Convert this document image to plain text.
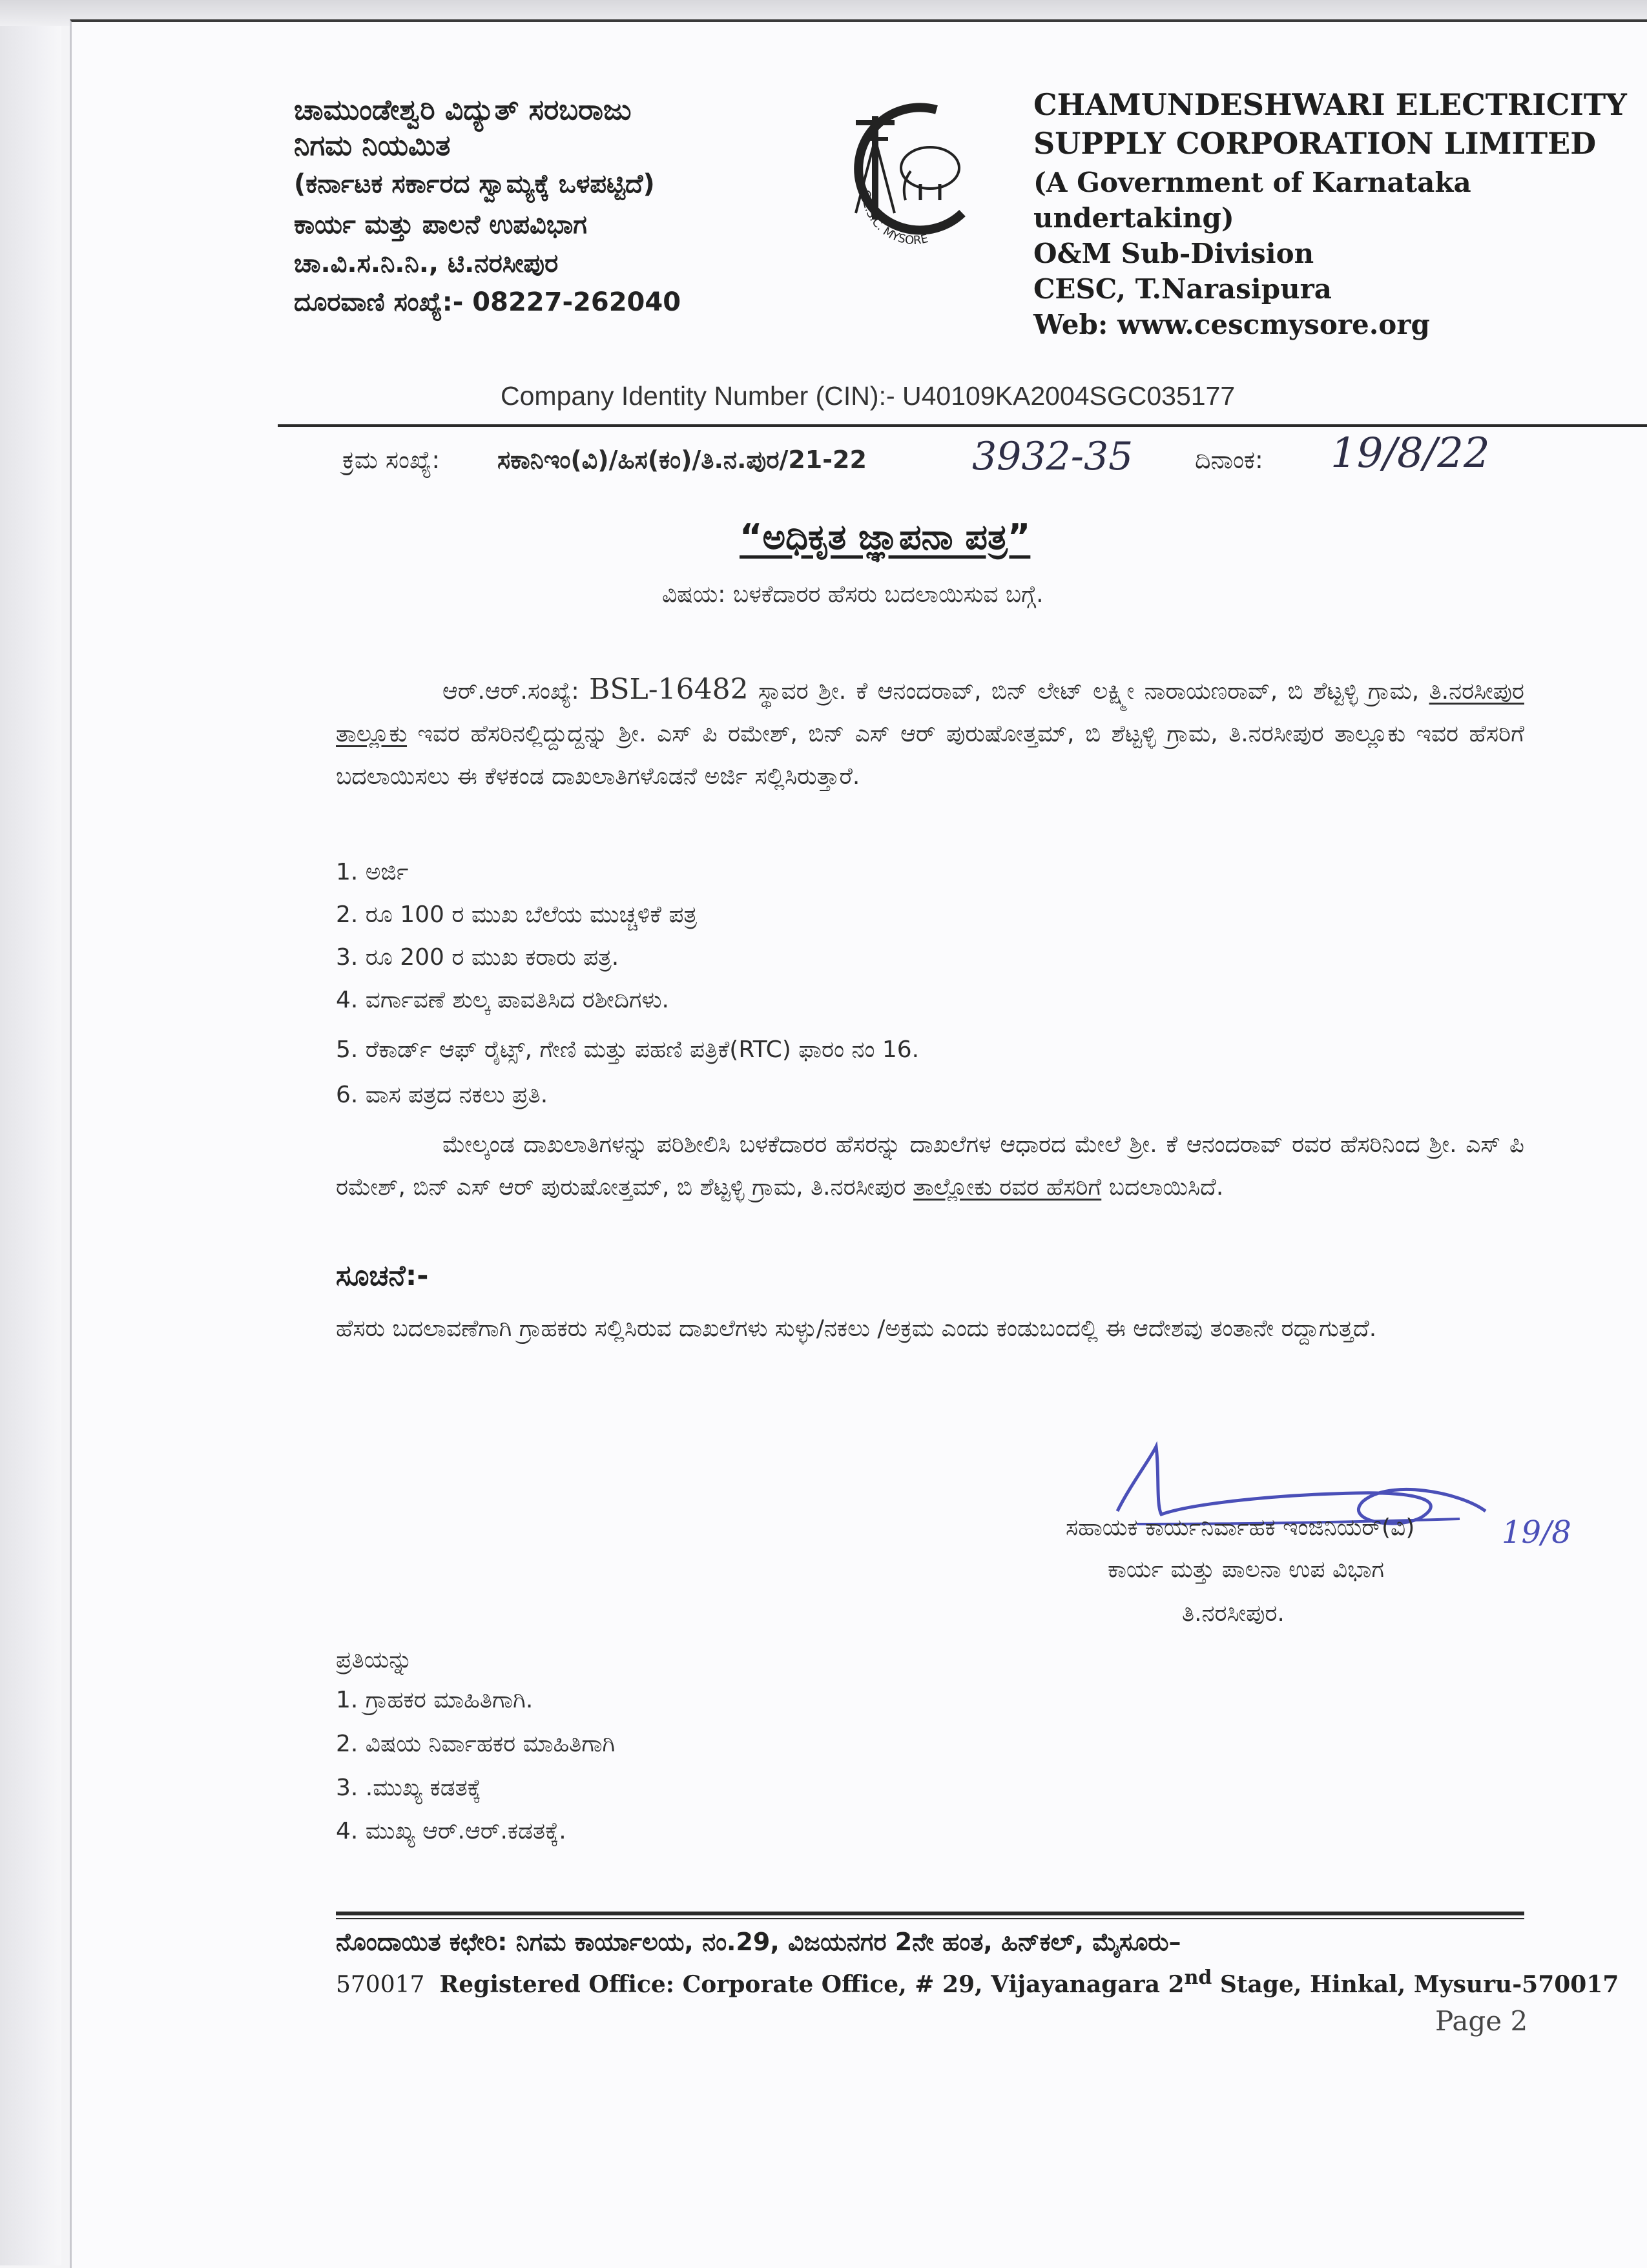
ಚಾಮುಂಡೇಶ್ವರಿ ವಿದ್ಯುತ್ ಸರಬರಾಜು
ನಿಗಮ ನಿಯಮಿತ
(ಕರ್ನಾಟಕ ಸರ್ಕಾರದ ಸ್ವಾಮ್ಯಕ್ಕೆ ಒಳಪಟ್ಟಿದೆ)
ಕಾರ್ಯ ಮತ್ತು ಪಾಲನೆ ಉಪವಿಭಾಗ
ಚಾ.ವಿ.ಸ.ನಿ.ನಿ., ಟಿ.ನರಸೀಪುರ
ದೂರವಾಣಿ ಸಂಖ್ಯೆ:- 08227-262040
C.E.S.C. MYSORE
CHAMUNDESHWARI ELECTRICITY
SUPPLY CORPORATION LIMITED
(A Government of Karnataka
undertaking)
O&M Sub-Division
CESC, T.Narasipura
Web: www.cescmysore.org
Company Identity Number (CIN):- U40109KA2004SGC035177
ಕ್ರಮ ಸಂಖ್ಯೆ: ಸಕಾನಿಇಂ(ವಿ)/ಹಿಸ(ಕಂ)/ತಿ.ನ.ಪುರ/21-22	3932-35	ದಿನಾಂಕ: 19/8/22
“ಅಧಿಕೃತ ಜ್ಞಾಪನಾ ಪತ್ರ”
ವಿಷಯ: ಬಳಕೆದಾರರ ಹೆಸರು ಬದಲಾಯಿಸುವ ಬಗ್ಗೆ.
ಆರ್.ಆರ್.ಸಂಖ್ಯೆ: BSL-16482 ಸ್ಥಾವರ ಶ್ರೀ. ಕೆ ಆನಂದರಾವ್, ಬಿನ್ ಲೇಟ್ ಲಕ್ಷ್ಮೀ ನಾರಾಯಣರಾವ್, ಬಿ ಶೆಟ್ಟಳ್ಳಿ ಗ್ರಾಮ, ತಿ.ನರಸೀಪುರ ತಾಲ್ಲೂಕು ಇವರ ಹೆಸರಿನಲ್ಲಿದ್ದುದ್ದನ್ನು ಶ್ರೀ. ಎಸ್ ಪಿ ರಮೇಶ್, ಬಿನ್ ಎಸ್ ಆರ್ ಪುರುಷೋತ್ತಮ್, ಬಿ ಶೆಟ್ಟಳ್ಳಿ ಗ್ರಾಮ, ತಿ.ನರಸೀಪುರ ತಾಲ್ಲೂಕು ಇವರ ಹೆಸರಿಗೆ ಬದಲಾಯಿಸಲು ಈ ಕೆಳಕಂಡ ದಾಖಲಾತಿಗಳೊಡನೆ ಅರ್ಜಿ ಸಲ್ಲಿಸಿರುತ್ತಾರೆ.
1. ಅರ್ಜಿ
2. ರೂ 100 ರ ಮುಖ ಬೆಲೆಯ ಮುಚ್ಚಳಿಕೆ ಪತ್ರ
3. ರೂ 200 ರ ಮುಖ ಕರಾರು ಪತ್ರ.
4. ವರ್ಗಾವಣೆ ಶುಲ್ಕ ಪಾವತಿಸಿದ ರಶೀದಿಗಳು.
5. ರೆಕಾರ್ಡ್ ಆಫ್ ರೈಟ್ಸ್, ಗೇಣಿ ಮತ್ತು ಪಹಣಿ ಪತ್ರಿಕೆ(RTC) ಫಾರಂ ನಂ 16.
6. ವಾಸ ಪತ್ರದ ನಕಲು ಪ್ರತಿ.
ಮೇಲ್ಕಂಡ ದಾಖಲಾತಿಗಳನ್ನು ಪರಿಶೀಲಿಸಿ ಬಳಕೆದಾರರ ಹೆಸರನ್ನು ದಾಖಲೆಗಳ ಆಧಾರದ ಮೇಲೆ ಶ್ರೀ. ಕೆ ಆನಂದರಾವ್ ರವರ ಹೆಸರಿನಿಂದ ಶ್ರೀ. ಎಸ್ ಪಿ ರಮೇಶ್, ಬಿನ್ ಎಸ್ ಆರ್ ಪುರುಷೋತ್ತಮ್, ಬಿ ಶೆಟ್ಟಳ್ಳಿ ಗ್ರಾಮ, ತಿ.ನರಸೀಪುರ ತಾಲ್ಲೋಕು ರವರ ಹೆಸರಿಗೆ ಬದಲಾಯಿಸಿದೆ.
ಸೂಚನೆ:-
ಹೆಸರು ಬದಲಾವಣೆಗಾಗಿ ಗ್ರಾಹಕರು ಸಲ್ಲಿಸಿರುವ ದಾಖಲೆಗಳು ಸುಳ್ಳು/ನಕಲು /ಅಕ್ರಮ ಎಂದು ಕಂಡುಬಂದಲ್ಲಿ ಈ ಆದೇಶವು ತಂತಾನೇ ರದ್ದಾಗುತ್ತದೆ.
ಸಹಾಯಕ ಕಾರ್ಯನಿರ್ವಾಹಕ ಇಂಜಿನಿಯರ್(ವಿ)	19/8
ಕಾರ್ಯ ಮತ್ತು ಪಾಲನಾ ಉಪ ವಿಭಾಗ
ತಿ.ನರಸೀಪುರ.
ಪ್ರತಿಯನ್ನು
1. ಗ್ರಾಹಕರ ಮಾಹಿತಿಗಾಗಿ.
2. ವಿಷಯ ನಿರ್ವಾಹಕರ ಮಾಹಿತಿಗಾಗಿ
3. .ಮುಖ್ಯ ಕಡತಕ್ಕೆ
4. ಮುಖ್ಯ ಆರ್.ಆರ್.ಕಡತಕ್ಕೆ.
ನೊಂದಾಯಿತ ಕಛೇರಿ: ನಿಗಮ ಕಾರ್ಯಾಲಯ, ನಂ.29, ವಿಜಯನಗರ 2ನೇ ಹಂತ, ಹಿನ್‌ಕಲ್, ಮೈಸೂರು–
570017 Registered Office: Corporate Office, # 29, Vijayanagara 2nd Stage, Hinkal, Mysuru-570017
Page 2
